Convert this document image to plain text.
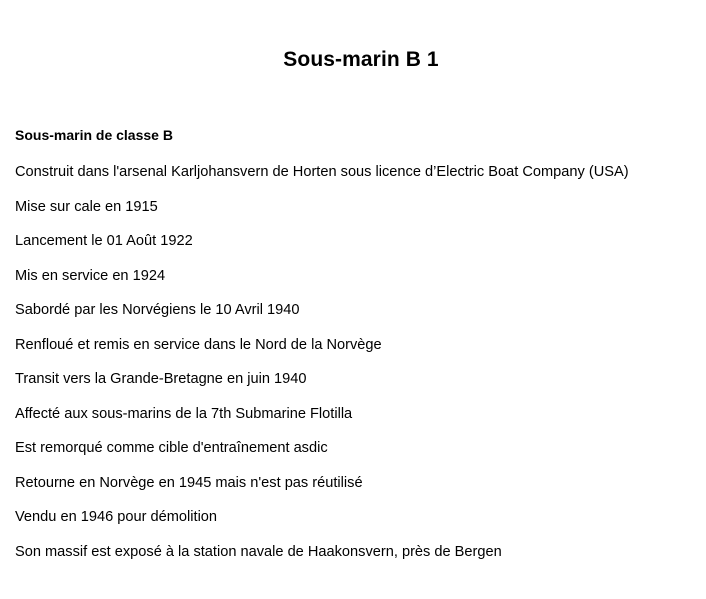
Sous-marin B 1
Sous-marin de classe B
Construit dans l'arsenal Karljohansvern de Horten sous licence d’Electric Boat Company (USA)
Mise sur cale en 1915
Lancement le 01 Août 1922
Mis en service en 1924
Sabordé par les Norvégiens le 10 Avril 1940
Renfloué et remis en service dans le Nord de la Norvège
Transit vers la Grande-Bretagne en juin 1940
Affecté aux sous-marins de la 7th Submarine Flotilla
Est remorqué comme cible d'entraînement asdic
Retourne en Norvège en 1945 mais n'est pas réutilisé
Vendu en 1946 pour démolition
Son massif est exposé à la station navale de Haakonsvern, près de Bergen
